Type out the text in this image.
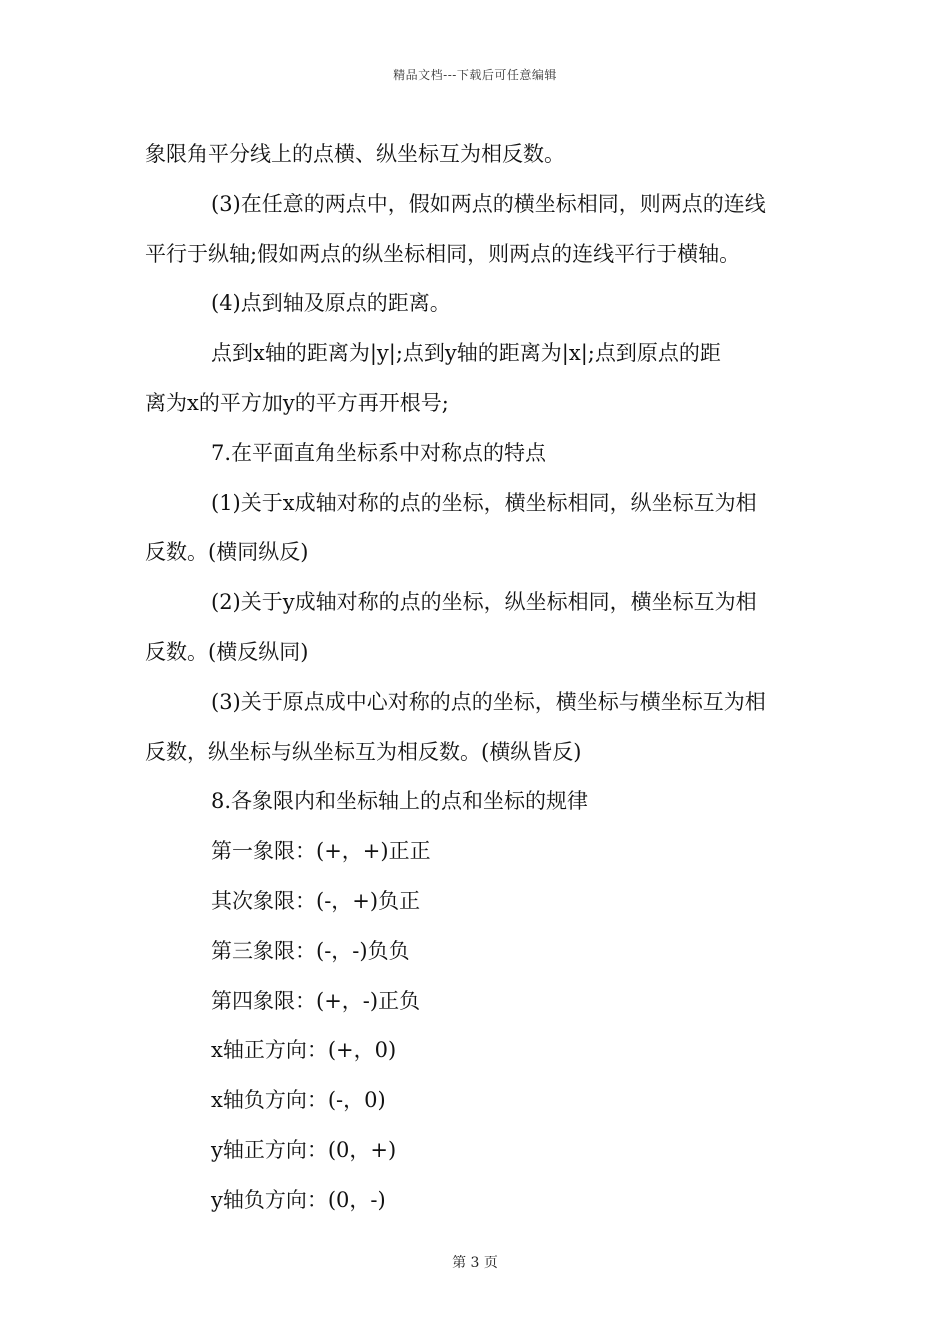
精品文档---下载后可任意编辑
象限角平分线上的点横、纵坐标互为相反数。
(3)在任意的两点中，假如两点的横坐标相同，则两点的连线
平行于纵轴;假如两点的纵坐标相同，则两点的连线平行于横轴。
(4)点到轴及原点的距离。
点到x轴的距离为|y|;点到y轴的距离为|x|;点到原点的距
离为x的平方加y的平方再开根号;
7.在平面直角坐标系中对称点的特点
(1)关于x成轴对称的点的坐标，横坐标相同，纵坐标互为相
反数。(横同纵反)
(2)关于y成轴对称的点的坐标，纵坐标相同，横坐标互为相
反数。(横反纵同)
(3)关于原点成中心对称的点的坐标，横坐标与横坐标互为相
反数，纵坐标与纵坐标互为相反数。(横纵皆反)
8.各象限内和坐标轴上的点和坐标的规律
第一象限：(+，+)正正
其次象限：(-，+)负正
第三象限：(-，-)负负
第四象限：(+，-)正负
x轴正方向：(+，0)
x轴负方向：(-，0)
y轴正方向：(0，+)
y轴负方向：(0，-)
第 3 页
